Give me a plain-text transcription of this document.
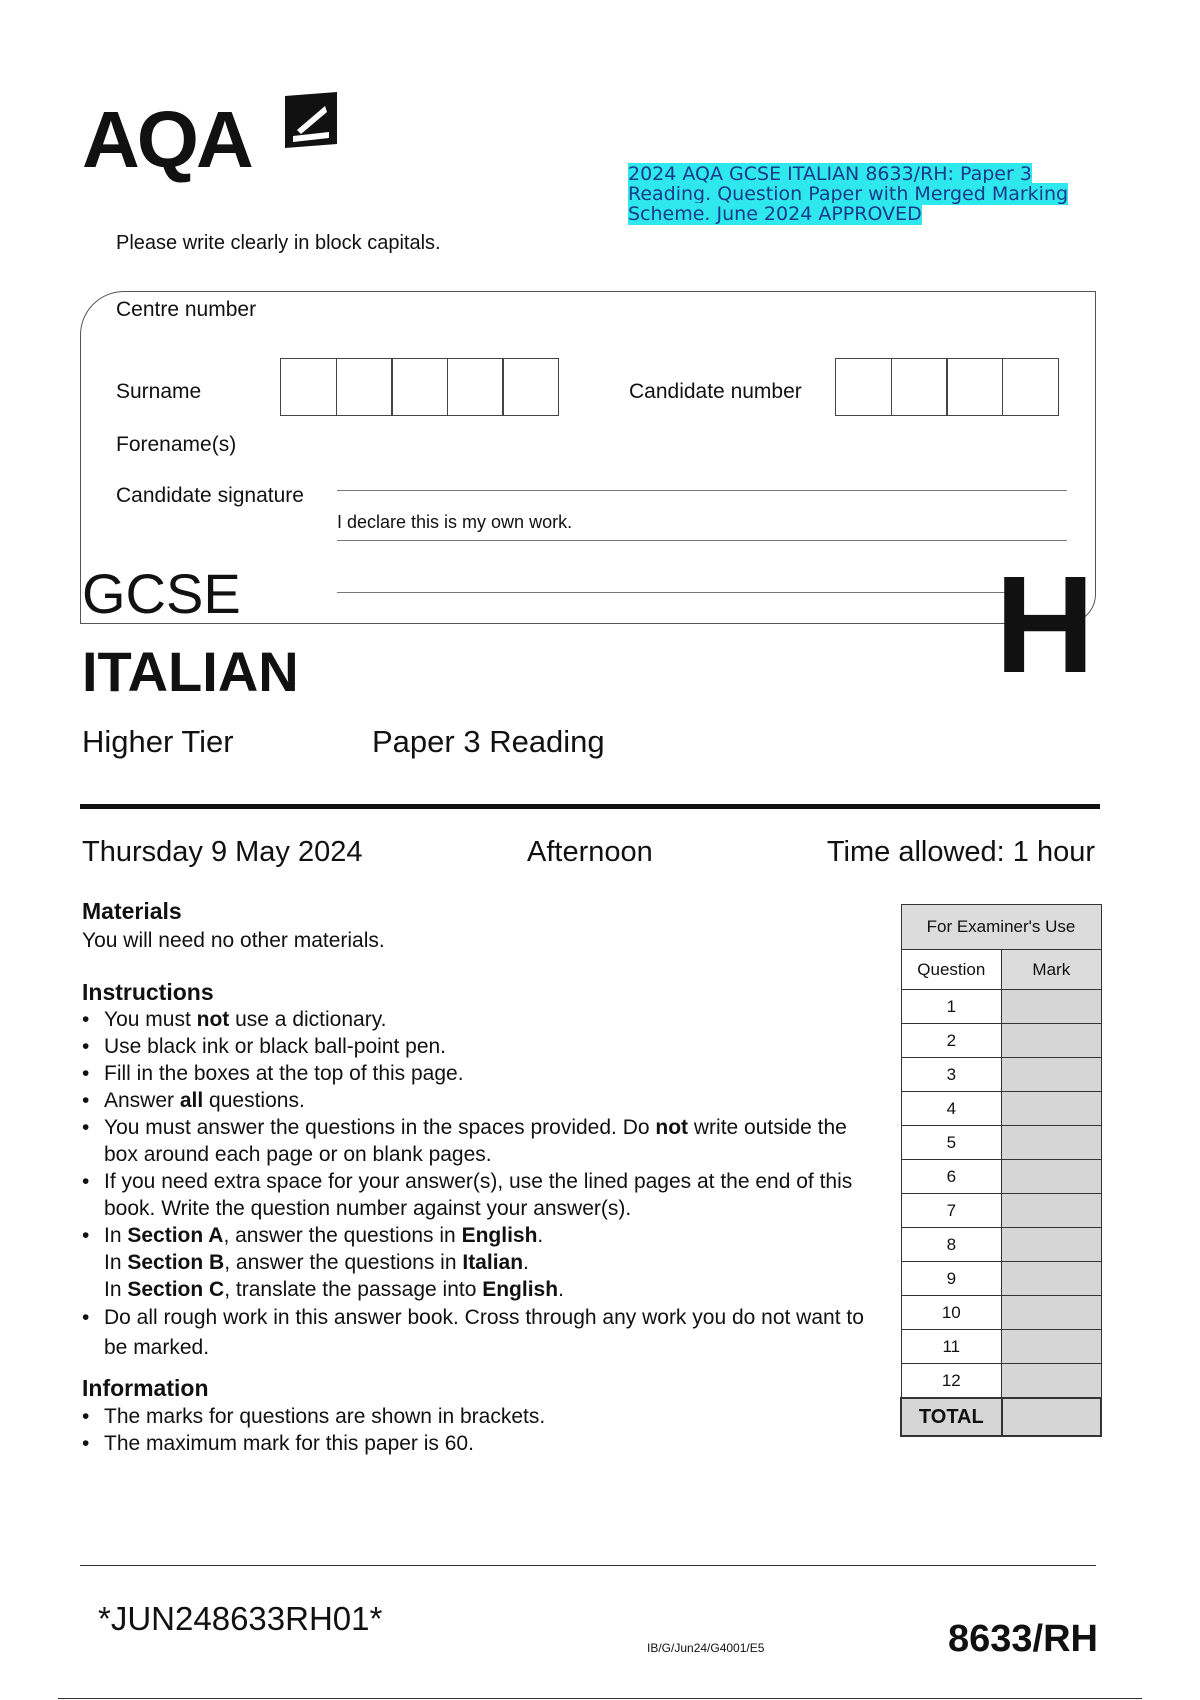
AQA	2024 AQA GCSE ITALIAN 8633/RH: Paper 3 Reading. Question Paper with Merged Marking Scheme. June 2024 APPROVED
Please write clearly in block capitals.
Centre number
Surname	Candidate number
Forename(s)
Candidate signature
I declare this is my own work.
GCSE
ITALIAN	H
Higher Tier	Paper 3 Reading
Thursday 9 May 2024	Afternoon	Time allowed: 1 hour
Materials
You will need no other materials.
Instructions
• You must not use a dictionary.
• Use black ink or black ball-point pen.
• Fill in the boxes at the top of this page.
• Answer all questions.
• You must answer the questions in the spaces provided. Do not write outside the box around each page or on blank pages.
• If you need extra space for your answer(s), use the lined pages at the end of this book. Write the question number against your answer(s).
• In Section A, answer the questions in English.
In Section B, answer the questions in Italian.
In Section C, translate the passage into English.
• Do all rough work in this answer book. Cross through any work you do not want to be marked.
Information
• The marks for questions are shown in brackets.
• The maximum mark for this paper is 60.
For Examiner's Use	
Question	Mark
1	
2	
3	
4	
5	
6	
7	
8	
9	
10	
11	
12	
TOTAL	
*JUN248633RH01*
IB/G/Jun24/G4001/E5	8633/RH
